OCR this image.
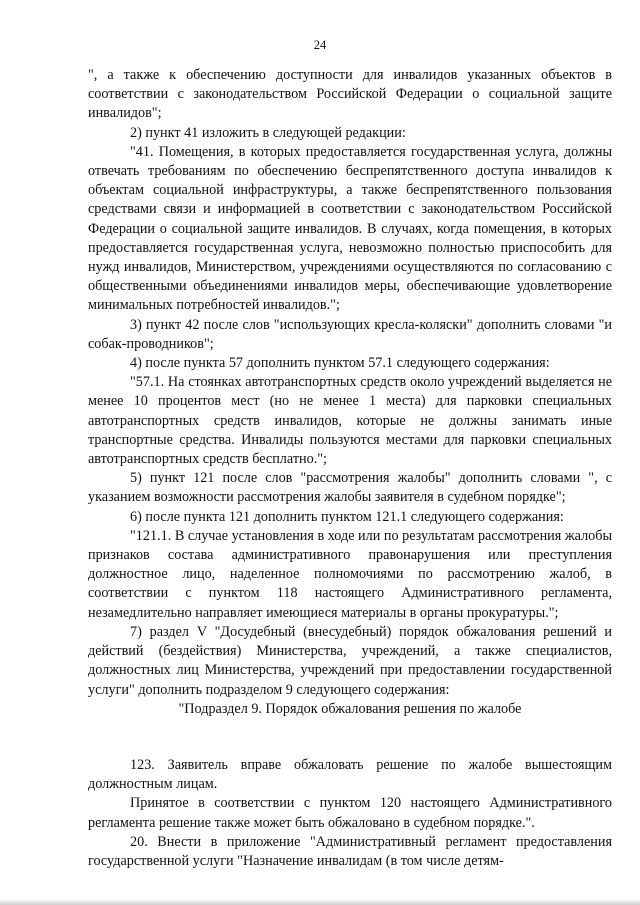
24

", а также к обеспечению доступности для инвалидов указанных объектов в соответствии с законодательством Российской Федерации о социальной защите инвалидов";

2) пункт 41 изложить в следующей редакции:

"41. Помещения, в которых предоставляется государственная услуга, должны отвечать требованиям по обеспечению беспрепятственного доступа инвалидов к объектам социальной инфраструктуры, а также беспрепятственного пользования средствами связи и информацией в соответствии с законодательством Российской Федерации о социальной защите инвалидов. В случаях, когда помещения, в которых предоставляется государственная услуга, невозможно полностью приспособить для нужд инвалидов, Министерством, учреждениями осуществляются по согласованию с общественными объединениями инвалидов меры, обеспечивающие удовлетворение минимальных потребностей инвалидов.";

3) пункт 42 после слов "использующих кресла-коляски" дополнить словами "и собак-проводников";

4) после пункта 57 дополнить пунктом 57.1 следующего содержания:

"57.1. На стоянках автотранспортных средств около учреждений выделяется не менее 10 процентов мест (но не менее 1 места) для парковки специальных автотранспортных средств инвалидов, которые не должны занимать иные транспортные средства. Инвалиды пользуются местами для парковки специальных автотранспортных средств бесплатно.";

5) пункт 121 после слов "рассмотрения жалобы" дополнить словами ", с указанием возможности рассмотрения жалобы заявителя в судебном порядке";

6) после пункта 121 дополнить пунктом 121.1 следующего содержания:

"121.1. В случае установления в ходе или по результатам рассмотрения жалобы признаков состава административного правонарушения или преступления должностное лицо, наделенное полномочиями по рассмотрению жалоб, в соответствии с пунктом 118 настоящего Административного регламента, незамедлительно направляет имеющиеся материалы в органы прокуратуры.";

7) раздел V "Досудебный (внесудебный) порядок обжалования решений и действий (бездействия) Министерства, учреждений, а также специалистов, должностных лиц Министерства, учреждений при предоставлении государственной услуги" дополнить подразделом 9 следующего содержания:

"Подраздел 9. Порядок обжалования решения по жалобе

123. Заявитель вправе обжаловать решение по жалобе вышестоящим должностным лицам.

Принятое в соответствии с пунктом 120 настоящего Административного регламента решение также может быть обжаловано в судебном порядке.".

20. Внести в приложение "Административный регламент предоставления государственной услуги "Назначение инвалидам (в том числе детям-
